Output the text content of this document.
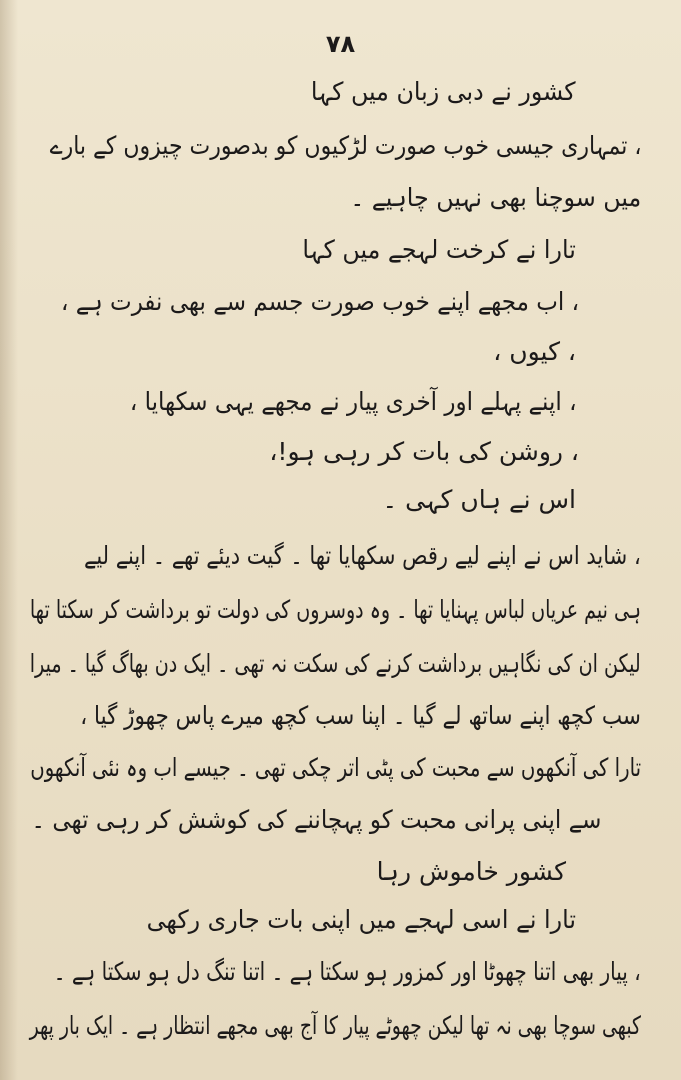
۷۸
کشور نے دبی زبان میں کہا
، تمہاری جیسی خوب صورت لڑکیوں کو بدصورت چیزوں کے بارے
میں سوچنا بھی نہیں چاہیے ۔
تارا نے کرخت لہجے میں کہا
، اب مجھے اپنے خوب صورت جسم سے بھی نفرت ہے ،
، کیوں ،
، اپنے پہلے اور آخری پیار نے مجھے یہی سکھایا ،
، روشن کی بات کر رہی ہو!،
اس نے ہاں کہی ۔
، شاید اس نے اپنے لیے رقص سکھایا تھا ۔ گیت دیئے تھے ۔ اپنے لیے
ہی نیم عریاں لباس پہنایا تھا ۔ وہ دوسروں کی دولت تو برداشت کر سکتا تھا
لیکن ان کی نگاہیں برداشت کرنے کی سکت نہ تھی ۔ ایک دن بھاگ گیا ۔ میرا
سب کچھ اپنے ساتھ لے گیا ۔ اپنا سب کچھ میرے پاس چھوڑ گیا ،
تارا کی آنکھوں سے محبت کی پٹی اتر چکی تھی ۔ جیسے اب وہ نئی آنکھوں
سے اپنی پرانی محبت کو پہچاننے کی کوشش کر رہی تھی ۔
کشور خاموش رہا
تارا نے اسی لہجے میں اپنی بات جاری رکھی
، پیار بھی اتنا چھوٹا اور کمزور ہو سکتا ہے ۔ اتنا تنگ دل ہو سکتا ہے ۔
کبھی سوچا بھی نہ تھا لیکن چھوٹے پیار کا آج بھی مجھے انتظار ہے ۔ ایک بار پھر
